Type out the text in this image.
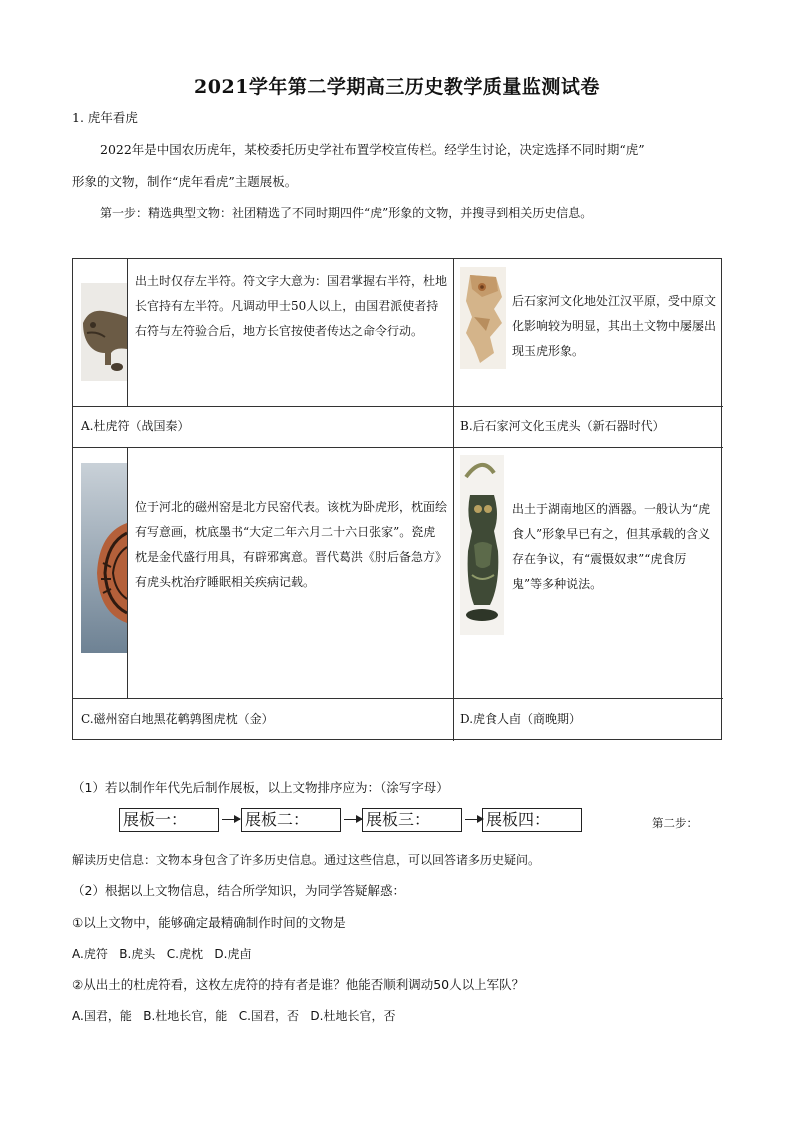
2021学年第二学期高三历史教学质量监测试卷
1. 虎年看虎
2022年是中国农历虎年，某校委托历史学社布置学校宣传栏。经学生讨论，决定选择不同时期“虎”
形象的文物，制作“虎年看虎”主题展板。
第一步：精选典型文物：社团精选了不同时期四件“虎”形象的文物，并搜寻到相关历史信息。
出土时仅存左半符。符文字大意为：国君掌握右半符，杜地长官持有左半符。凡调动甲士50人以上，由国君派使者持右符与左符验合后，地方长官按使者传达之命令行动。
后石家河文化地处江汉平原，受中原文化影响较为明显，其出土文物中屡屡出现玉虎形象。
A.杜虎符（战国秦）	B.后石家河文化玉虎头（新石器时代）
位于河北的磁州窑是北方民窑代表。该枕为卧虎形，枕面绘有写意画，枕底墨书“大定二年六月二十六日张家”。瓷虎枕是金代盛行用具，有辟邪寓意。晋代葛洪《肘后备急方》有虎头枕治疗睡眠相关疾病记载。
出土于湖南地区的酒器。一般认为“虎食人”形象早已有之，但其承载的含义存在争议，有“震慑奴隶”“虎食厉鬼”等多种说法。
C.磁州窑白地黑花鹌鹑图虎枕（金）	D.虎食人卣（商晚期）
（1）若以制作年代先后制作展板，以上文物排序应为：（涂写字母）
展板一：	展板二：	展板三：	展板四：	第二步：
解读历史信息：文物本身包含了许多历史信息。通过这些信息，可以回答诸多历史疑问。
（2）根据以上文物信息，结合所学知识，为同学答疑解惑：
①以上文物中，能够确定最精确制作时间的文物是
A.虎符   B.虎头   C.虎枕   D.虎卣
②从出土的杜虎符看，这枚左虎符的持有者是谁？他能否顺利调动50人以上军队？
A.国君，能   B.杜地长官，能   C.国君，否   D.杜地长官，否
